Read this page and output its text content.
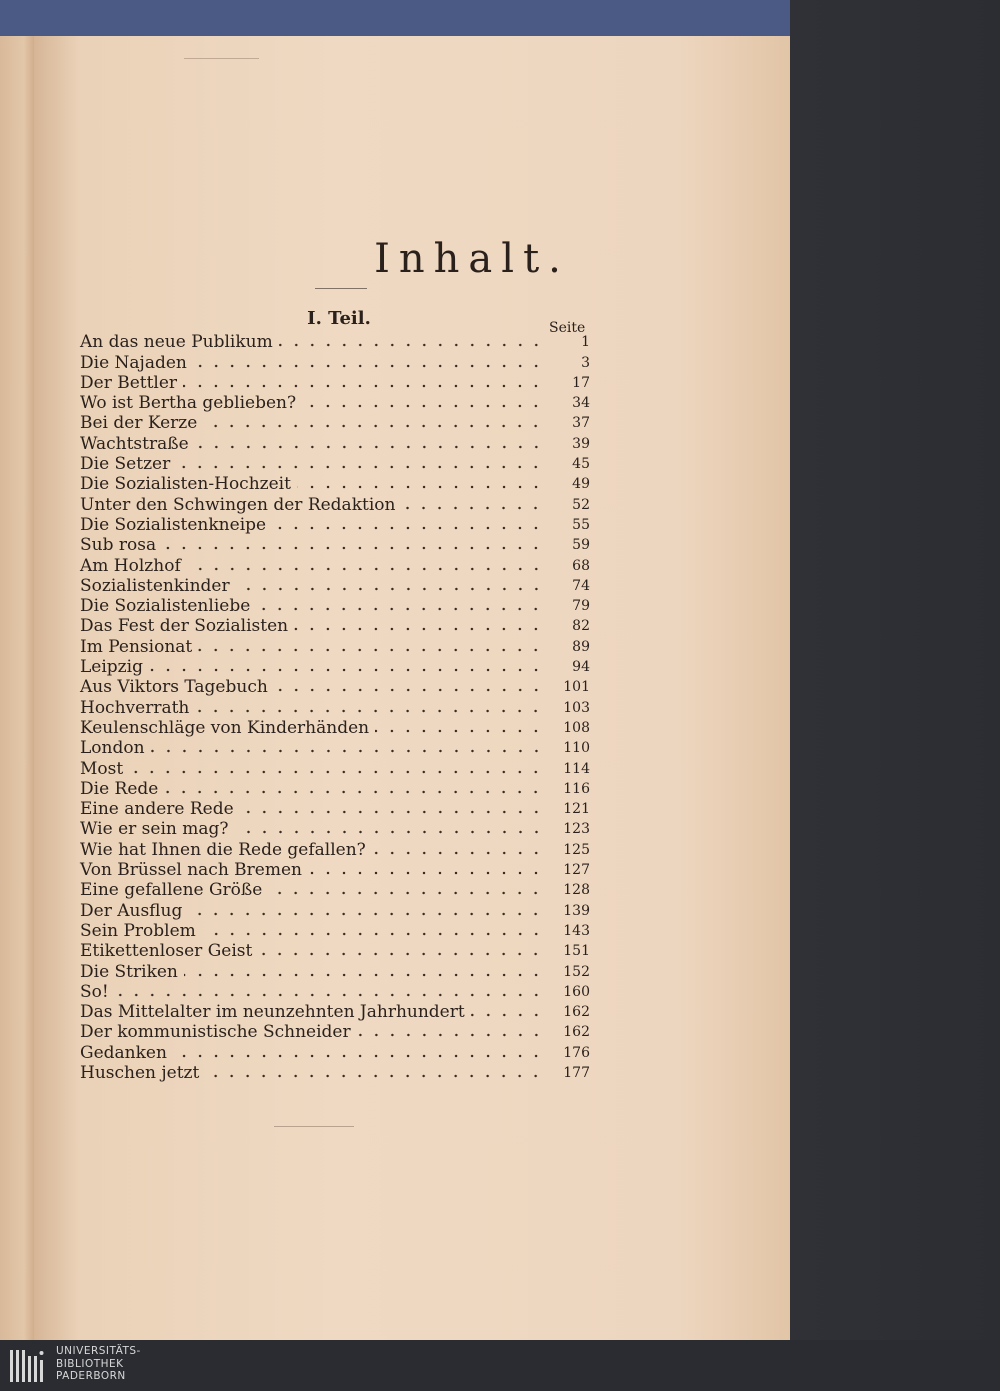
Inhalt.
I. Teil.	Seite
An das neue Publikum	1
Die Najaden	3
Der Bettler	17
Wo ist Bertha geblieben?	34
Bei der Kerze	37
Wachtstraße	39
Die Setzer	45
Die Sozialisten-Hochzeit	49
Unter den Schwingen der Redaktion	52
Die Sozialistenkneipe	55
Sub rosa	59
Am Holzhof	68
Sozialistenkinder	74
Die Sozialistenliebe	79
Das Fest der Sozialisten	82
Im Pensionat	89
Leipzig	94
Aus Viktors Tagebuch	101
Hochverrath	103
Keulenschläge von Kinderhänden	108
London	110
Most	114
Die Rede	116
Eine andere Rede	121
Wie er sein mag?	123
Wie hat Ihnen die Rede gefallen?	125
Von Brüssel nach Bremen	127
Eine gefallene Größe	128
Der Ausflug	139
Sein Problem	143
Etikettenloser Geist	151
Die Striken	152
So!	160
Das Mittelalter im neunzehnten Jahrhundert	162
Der kommunistische Schneider	162
Gedanken	176
Huschen jetzt	177
UNIVERSITÄTS-
BIBLIOTHEK
PADERBORN
